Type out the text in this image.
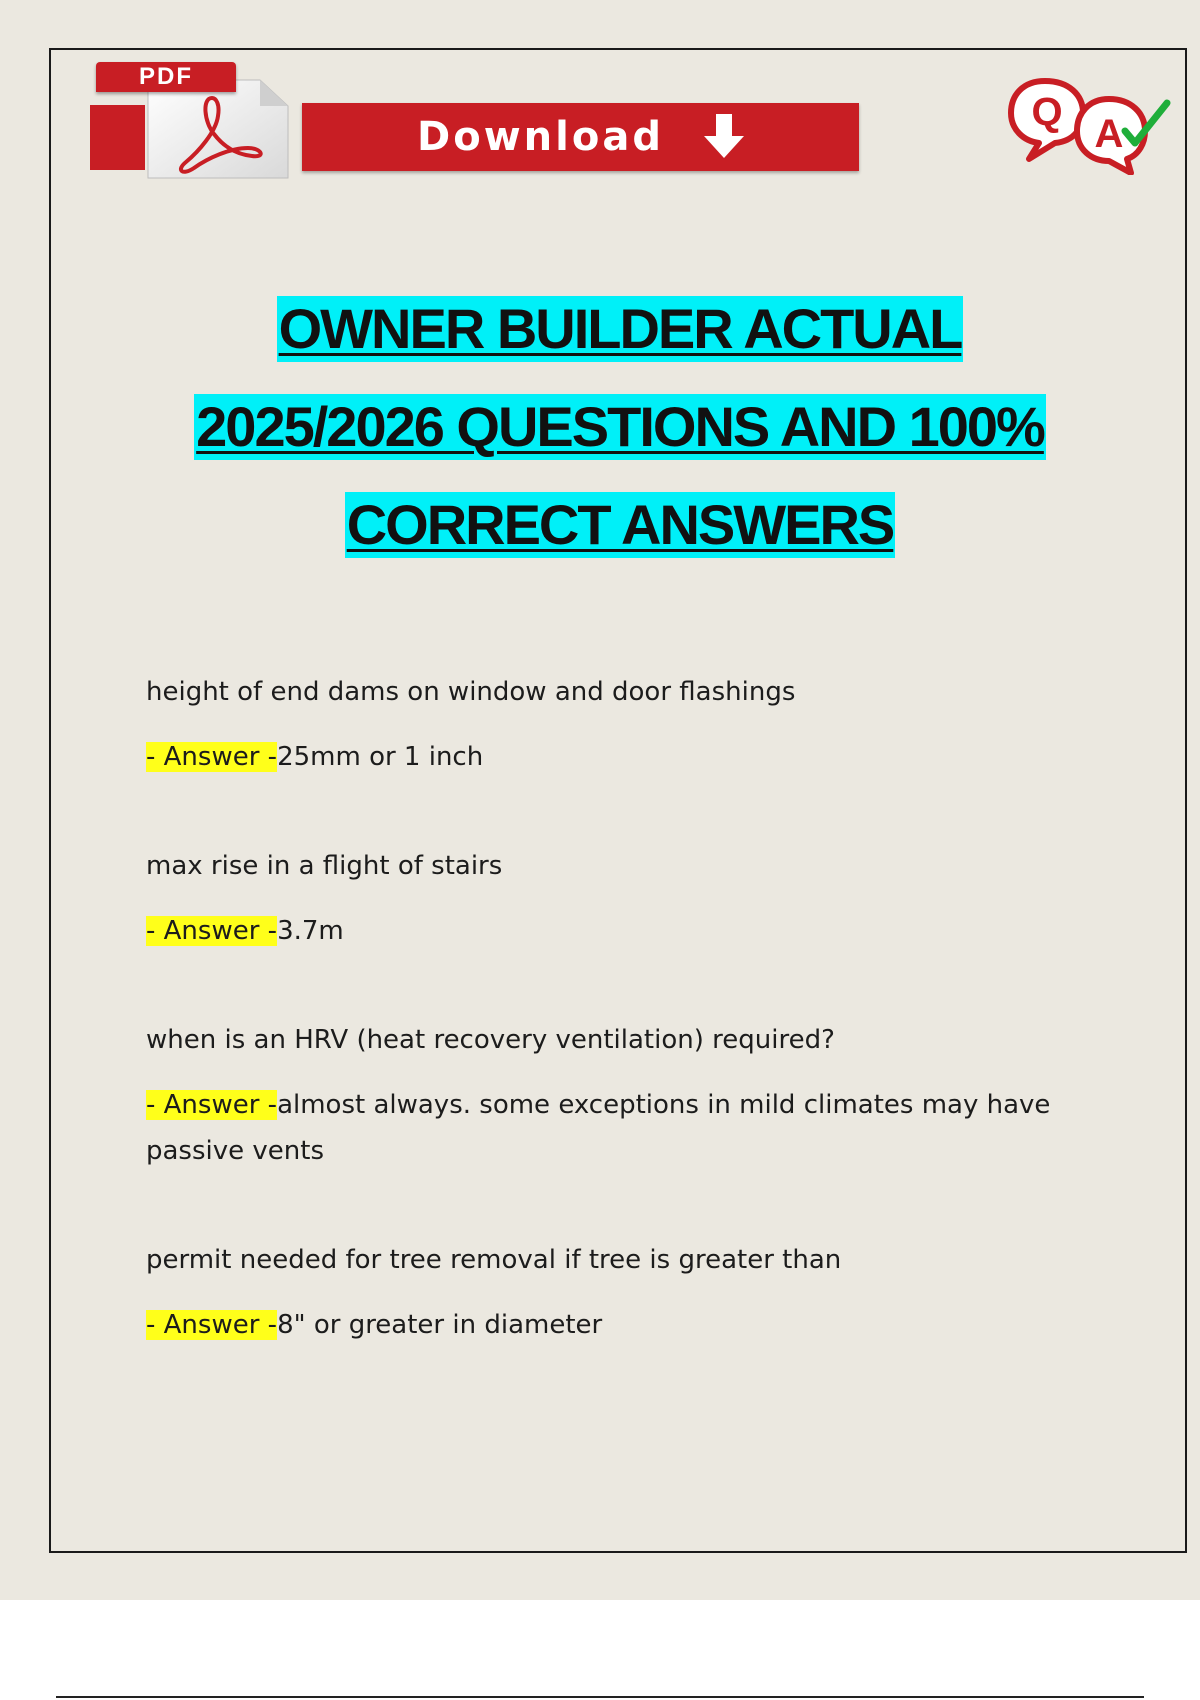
PDF
Download
Q A
OWNER BUILDER ACTUAL
2025/2026 QUESTIONS AND 100%
CORRECT ANSWERS
height of end dams on window and door flashings
- Answer -25mm or 1 inch
max rise in a flight of stairs
- Answer -3.7m
when is an HRV (heat recovery ventilation) required?
- Answer -almost always. some exceptions in mild climates may have passive vents
permit needed for tree removal if tree is greater than
- Answer -8" or greater in diameter
